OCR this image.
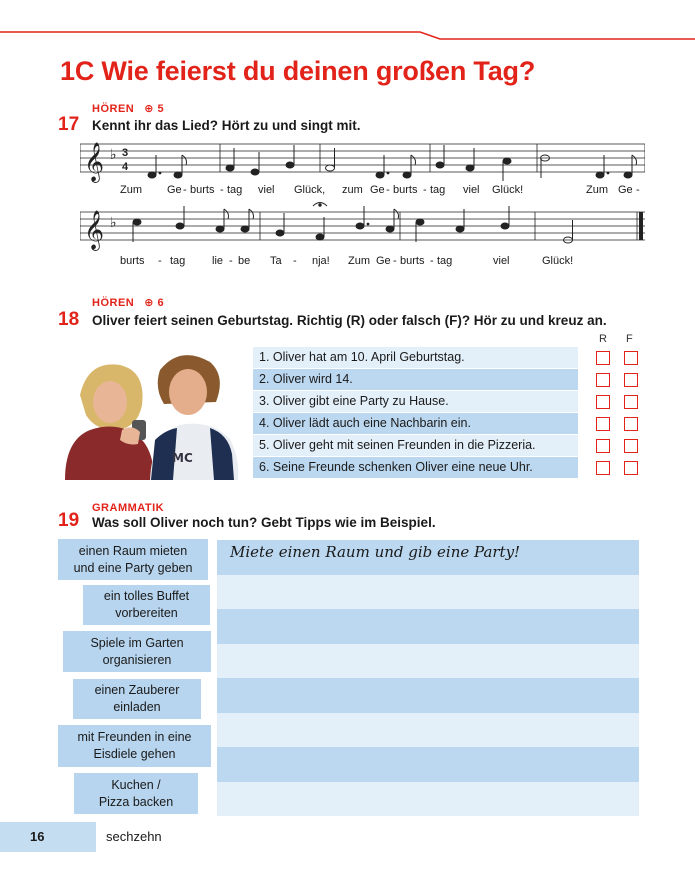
1C Wie feierst du deinen großen Tag?
HÖREN ⊕ 5
17 Kennt ihr das Lied? Hört zu und singt mit.
𝄞 ♭ 3
4
Zum Ge - burts - tag viel Glück, zum Ge - burts - tag viel Glück!	Zum Ge -
𝄞 ♭
burts - tag lie - be Ta - nja! Zum Ge - burts - tag	viel	Glück!
HÖREN ⊕ 6
18 Oliver feiert seinen Geburtstag. Richtig (R) oder falsch (F)? Hör zu und kreuz an.
MC
1. Oliver hat am 10. April Geburtstag.
2. Oliver wird 14.
3. Oliver gibt eine Party zu Hause.
4. Oliver lädt auch eine Nachbarin ein.
5. Oliver geht mit seinen Freunden in die Pizzeria.
6. Seine Freunde schenken Oliver eine neue Uhr.
R F
GRAMMATIK
19 Was soll Oliver noch tun? Gebt Tipps wie im Beispiel.
einen Raum mieten
und eine Party geben
ein tolles Buffet
vorbereiten
Spiele im Garten
organisieren
einen Zauberer
einladen
mit Freunden in eine
Eisdiele gehen
Kuchen /
Pizza backen
Miete einen Raum und gib eine Party!
16	sechzehn
